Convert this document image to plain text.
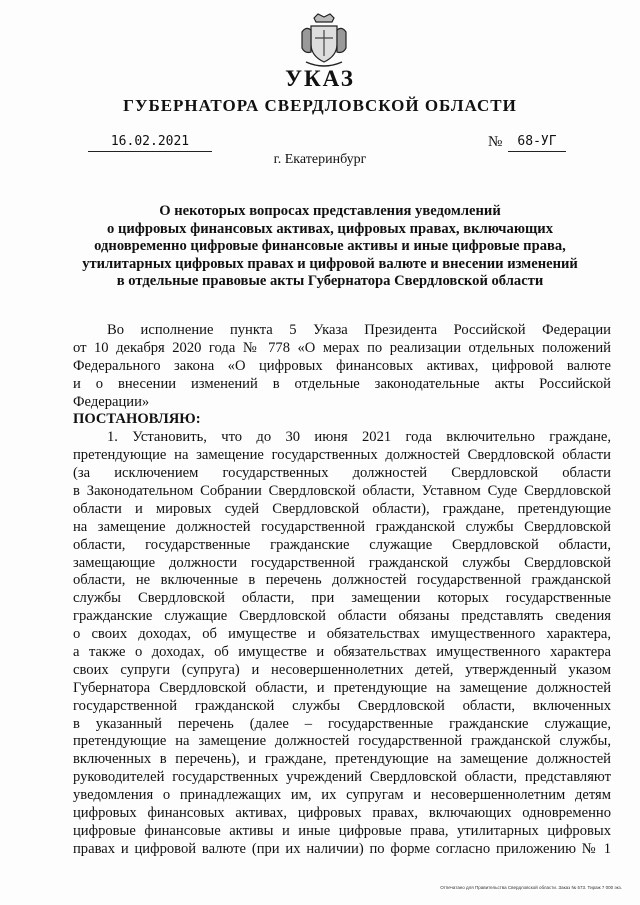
УКАЗ
ГУБЕРНАТОРА СВЕРДЛОВСКОЙ ОБЛАСТИ
16.02.2021	№	68-УГ
г. Екатеринбург
О некоторых вопросах представления уведомлений
о цифровых финансовых активах, цифровых правах, включающих
одновременно цифровые финансовые активы и иные цифровые права,
утилитарных цифровых правах и цифровой валюте и внесении изменений
в отдельные правовые акты Губернатора Свердловской области
Во исполнение пункта 5 Указа Президента Российской Федерации
от 10 декабря 2020 года № 778 «О мерах по реализации отдельных положений
Федерального закона «О цифровых финансовых активах, цифровой валюте
и о внесении изменений в отдельные законодательные акты Российской
Федерации»
ПОСТАНОВЛЯЮ:
1. Установить, что до 30 июня 2021 года включительно гражданe,
претендующие на замещение государственных должностей Свердловской области
(за исключением государственных должностей Свердловской области
в Законодательном Собрании Свердловской области, Уставном Суде Свердловской
области и мировых судей Свердловской области), граждане, претендующие
на замещение должностей государственной гражданской службы Свердловской
области, государственные гражданские служащие Свердловской области,
замещающие должности государственной гражданской службы Свердловской
области, не включенные в перечень должностей государственной гражданской
службы Свердловской области, при замещении которых государственные
гражданские служащие Свердловской области обязаны представлять сведения
о своих доходах, об имуществе и обязательствах имущественного характера,
а также о доходах, об имуществе и обязательствах имущественного характера
своих супруги (супруга) и несовершеннолетних детей, утвержденный указом
Губернатора Свердловской области, и претендующие на замещение должностей
государственной гражданской службы Свердловской области, включенных
в указанный перечень (далее – государственные гражданские служащие,
претендующие на замещение должностей государственной гражданской службы,
включенных в перечень), и граждане, претендующие на замещение должностей
руководителей государственных учреждений Свердловской области, представляют
уведомления о принадлежащих им, их супругам и несовершеннолетним детям
цифровых финансовых активах, цифровых правах, включающих одновременно
цифровые финансовые активы и иные цифровые права, утилитарных цифровых
правах и цифровой валюте (при их наличии) по форме согласно приложению № 1
Отпечатано для Правительства Свердловской области. Заказ № 573. Тираж 7 000 экз.
